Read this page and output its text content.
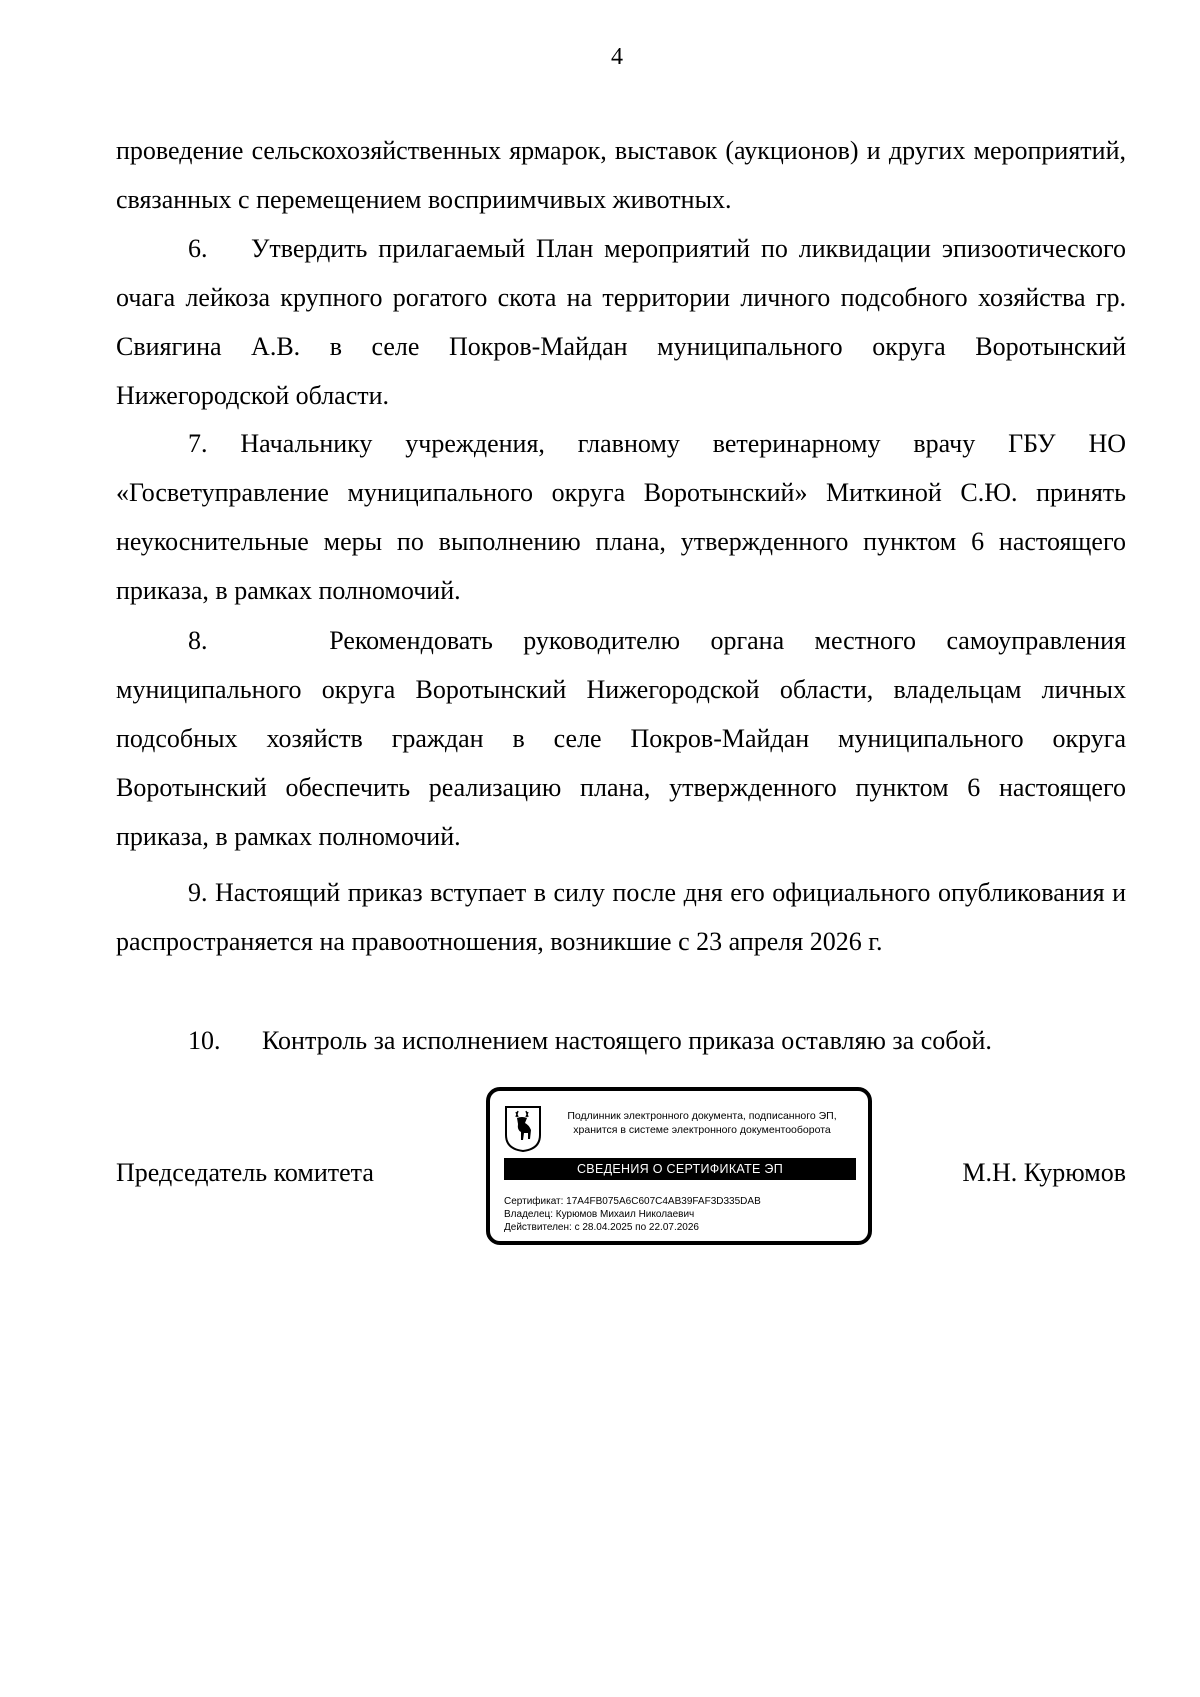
4
проведение сельскохозяйственных ярмарок, выставок (аукционов) и других мероприятий, связанных с перемещением восприимчивых животных.
6.    Утвердить прилагаемый План мероприятий по ликвидации эпизоотического очага лейкоза крупного рогатого скота на территории личного подсобного хозяйства гр. Свиягина А.В. в селе Покров-Майдан муниципального округа Воротынский Нижегородской области.
7. Начальнику учреждения, главному ветеринарному врачу ГБУ НО «Госветуправление муниципального округа Воротынский» Миткиной С.Ю. принять неукоснительные меры по выполнению плана, утвержденного пунктом 6 настоящего приказа, в рамках полномочий.
8.    Рекомендовать руководителю органа местного самоуправления муниципального округа Воротынский Нижегородской области, владельцам личных подсобных хозяйств граждан в селе Покров-Майдан муниципального округа Воротынский обеспечить реализацию плана, утвержденного пунктом 6 настоящего приказа, в рамках полномочий.
9. Настоящий приказ вступает в силу после дня его официального опубликования и распространяется на правоотношения, возникшие с 23 апреля 2026 г.
10. Контроль за исполнением настоящего приказа оставляю за собой.
Председатель комитета	М.Н. Курюмов
Подлинник электронного документа, подписанного ЭП,
хранится в системе электронного документооборота
СВЕДЕНИЯ О СЕРТИФИКАТЕ ЭП
Сертификат: 17A4FB075A6C607C4AB39FAF3D335DAB
Владелец: Курюмов Михаил Николаевич
Действителен: с 28.04.2025 по 22.07.2026
